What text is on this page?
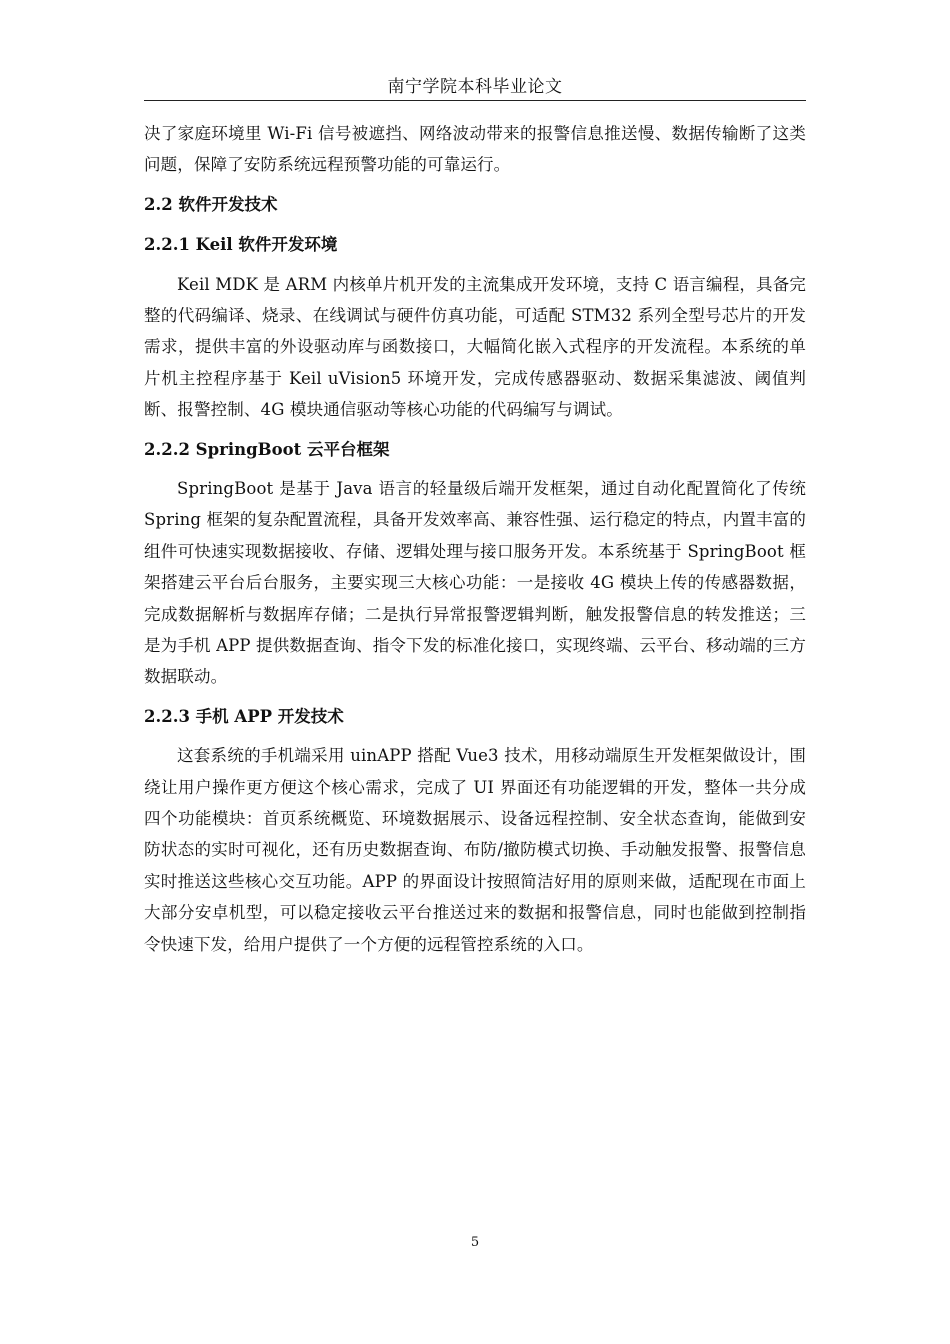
南宁学院本科毕业论文

决了家庭环境里 Wi-Fi 信号被遮挡、网络波动带来的报警信息推送慢、数据传输断了这类问题，保障了安防系统远程预警功能的可靠运行。

2.2 软件开发技术
2.2.1 Keil 软件开发环境

Keil MDK 是 ARM 内核单片机开发的主流集成开发环境，支持 C 语言编程，具备完整的代码编译、烧录、在线调试与硬件仿真功能，可适配 STM32 系列全型号芯片的开发需求，提供丰富的外设驱动库与函数接口，大幅简化嵌入式程序的开发流程。本系统的单片机主控程序基于 Keil uVision5 环境开发，完成传感器驱动、数据采集滤波、阈值判断、报警控制、4G 模块通信驱动等核心功能的代码编写与调试。

2.2.2 SpringBoot 云平台框架

SpringBoot 是基于 Java 语言的轻量级后端开发框架，通过自动化配置简化了传统 Spring 框架的复杂配置流程，具备开发效率高、兼容性强、运行稳定的特点，内置丰富的组件可快速实现数据接收、存储、逻辑处理与接口服务开发。本系统基于 SpringBoot 框架搭建云平台后台服务，主要实现三大核心功能：一是接收 4G 模块上传的传感器数据，完成数据解析与数据库存储；二是执行异常报警逻辑判断，触发报警信息的转发推送；三是为手机 APP 提供数据查询、指令下发的标准化接口，实现终端、云平台、移动端的三方数据联动。

2.2.3 手机 APP 开发技术

这套系统的手机端采用 uinAPP 搭配 Vue3 技术，用移动端原生开发框架做设计，围绕让用户操作更方便这个核心需求，完成了 UI 界面还有功能逻辑的开发，整体一共分成四个功能模块：首页系统概览、环境数据展示、设备远程控制、安全状态查询，能做到安防状态的实时可视化，还有历史数据查询、布防/撤防模式切换、手动触发报警、报警信息实时推送这些核心交互功能。APP 的界面设计按照简洁好用的原则来做，适配现在市面上大部分安卓机型，可以稳定接收云平台推送过来的数据和报警信息，同时也能做到控制指令快速下发，给用户提供了一个方便的远程管控系统的入口。

5
